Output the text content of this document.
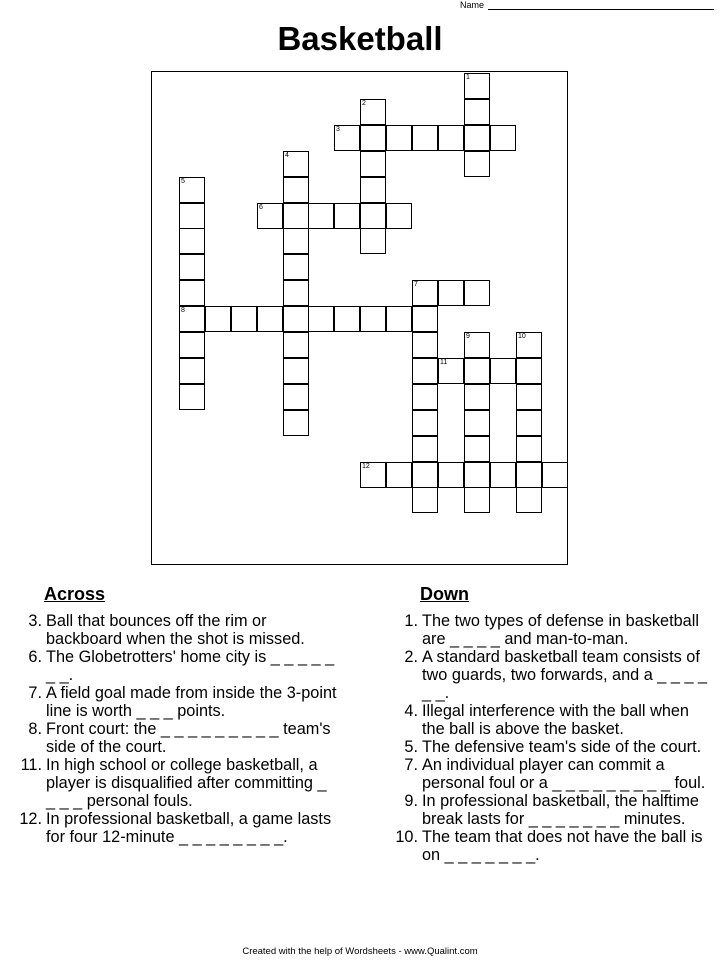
Name
Basketball
1
2
3
4
5
8
6
7
9	10
11
12
Across
3. Ball that bounces off the rim or backboard when the shot is missed.
6. The Globetrotters' home city is _ _ _ _ _ _ _.
7. A field goal made from inside the 3-point line is worth _ _ _ points.
8. Front court: the _ _ _ _ _ _ _ _ _ team's side of the court.
11. In high school or college basketball, a player is disqualified after committing _ _ _ _ personal fouls.
12. In professional basketball, a game lasts for four 12-minute _ _ _ _ _ _ _ _.
Down
1. The two types of defense in basketball are _ _ _ _ and man-to-man.
2. A standard basketball team consists of two guards, two forwards, and a _ _ _ _ _ _.
4. Illegal interference with the ball when the ball is above the basket.
5. The defensive team's side of the court.
7. An individual player can commit a personal foul or a _ _ _ _ _ _ _ _ _ foul.
9. In professional basketball, the halftime break lasts for _ _ _ _ _ _ _ minutes.
10. The team that does not have the ball is on _ _ _ _ _ _ _.
Created with the help of Wordsheets - www.Qualint.com
